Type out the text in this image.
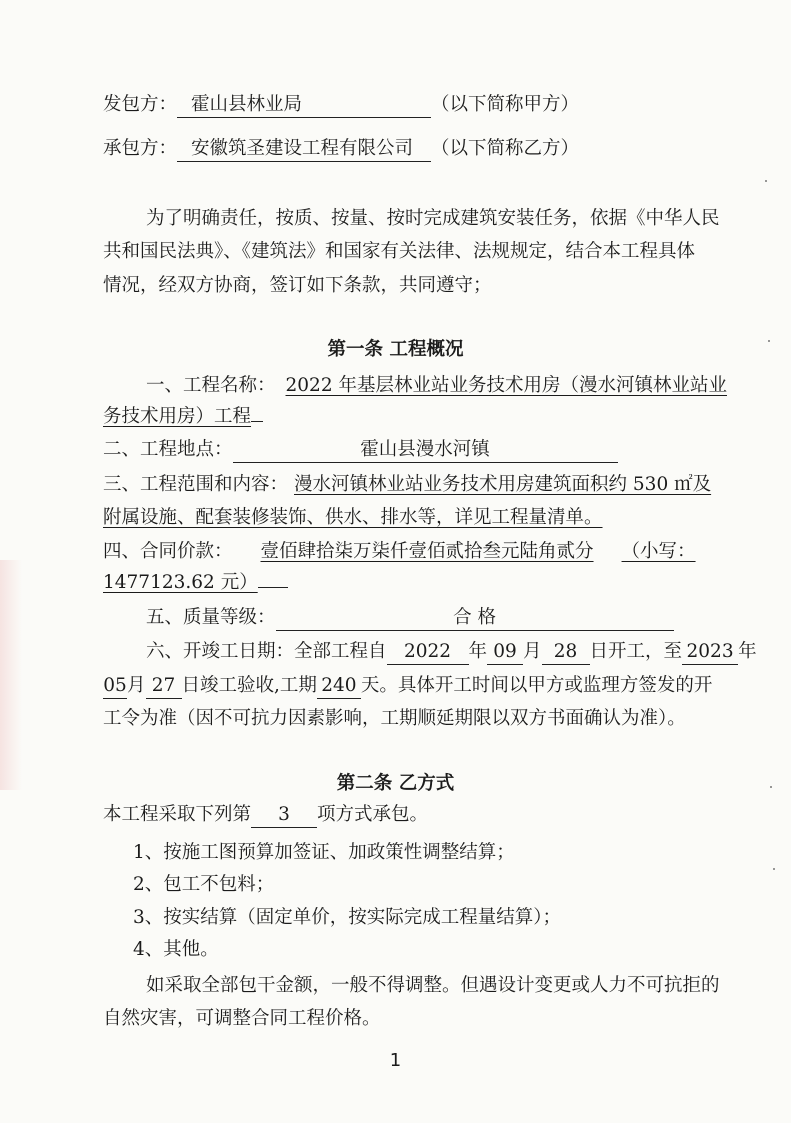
发包方： 霍山县林业局	（以下简称甲方）
承包方： 安徽筑圣建设工程有限公司 （以下简称乙方）
为了明确责任，按质、按量、按时完成建筑安装任务，依据《中华人民
共和国民法典》、《建筑法》和国家有关法律、法规规定，结合本工程具体
情况，经双方协商，签订如下条款，共同遵守；
第一条 工程概况
一、工程名称： 2022 年基层林业站业务技术用房（漫水河镇林业站业
务技术用房）工程
二、工程地点：	霍山县漫水河镇
三、工程范围和内容： 漫水河镇林业站业务技术用房建筑面积约 530 ㎡及
附属设施、配套装修装饰、供水、排水等，详见工程量清单。
四、合同价款： 壹佰肆拾柒万柒仟壹佰贰拾叁元陆角贰分 （小写：
1477123.62 元）
五、质量等级：	合 格
六、开竣工日期：全部工程自 2022 年 09 月 28 日开工，至 2023 年
05月 27 日竣工验收,工期 240 天。具体开工时间以甲方或监理方签发的开
工令为准（因不可抗力因素影响，工期顺延期限以双方书面确认为准）。
第二条 乙方式
本工程采取下列第 3 项方式承包。
1、按施工图预算加签证、加政策性调整结算；
2、包工不包料；
3、按实结算（固定单价，按实际完成工程量结算）；
4、其他。
如采取全部包干金额，一般不得调整。但遇设计变更或人力不可抗拒的
自然灾害，可调整合同工程价格。
1
